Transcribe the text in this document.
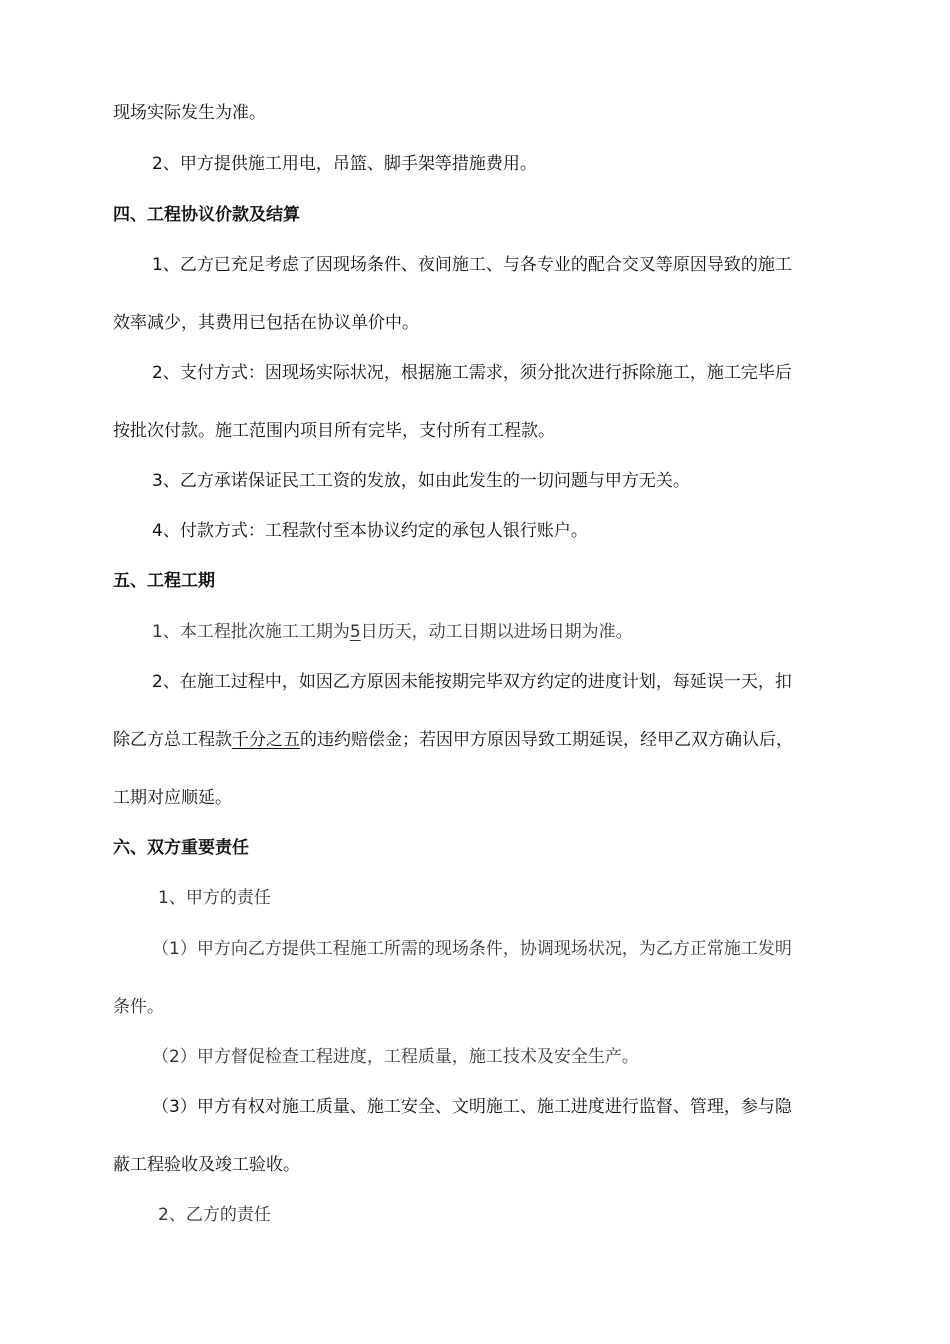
现场实际发生为准。
2、甲方提供施工用电，吊篮、脚手架等措施费用。
四、工程协议价款及结算
1、乙方已充足考虑了因现场条件、夜间施工、与各专业的配合交叉等原因导致的施工
效率减少，其费用已包括在协议单价中。
2、支付方式：因现场实际状况，根据施工需求，须分批次进行拆除施工，施工完毕后
按批次付款。施工范围内项目所有完毕，支付所有工程款。
3、乙方承诺保证民工工资的发放，如由此发生的一切问题与甲方无关。
4、付款方式：工程款付至本协议约定的承包人银行账户。
五、工程工期
1、本工程批次施工工期为5日历天，动工日期以进场日期为准。
2、在施工过程中，如因乙方原因未能按期完毕双方约定的进度计划，每延误一天，扣
除乙方总工程款千分之五的违约赔偿金；若因甲方原因导致工期延误，经甲乙双方确认后，
工期对应顺延。
六、双方重要责任
1、甲方的责任
（1）甲方向乙方提供工程施工所需的现场条件，协调现场状况，为乙方正常施工发明
条件。
（2）甲方督促检查工程进度，工程质量，施工技术及安全生产。
（3）甲方有权对施工质量、施工安全、文明施工、施工进度进行监督、管理，参与隐
蔽工程验收及竣工验收。
2、乙方的责任
